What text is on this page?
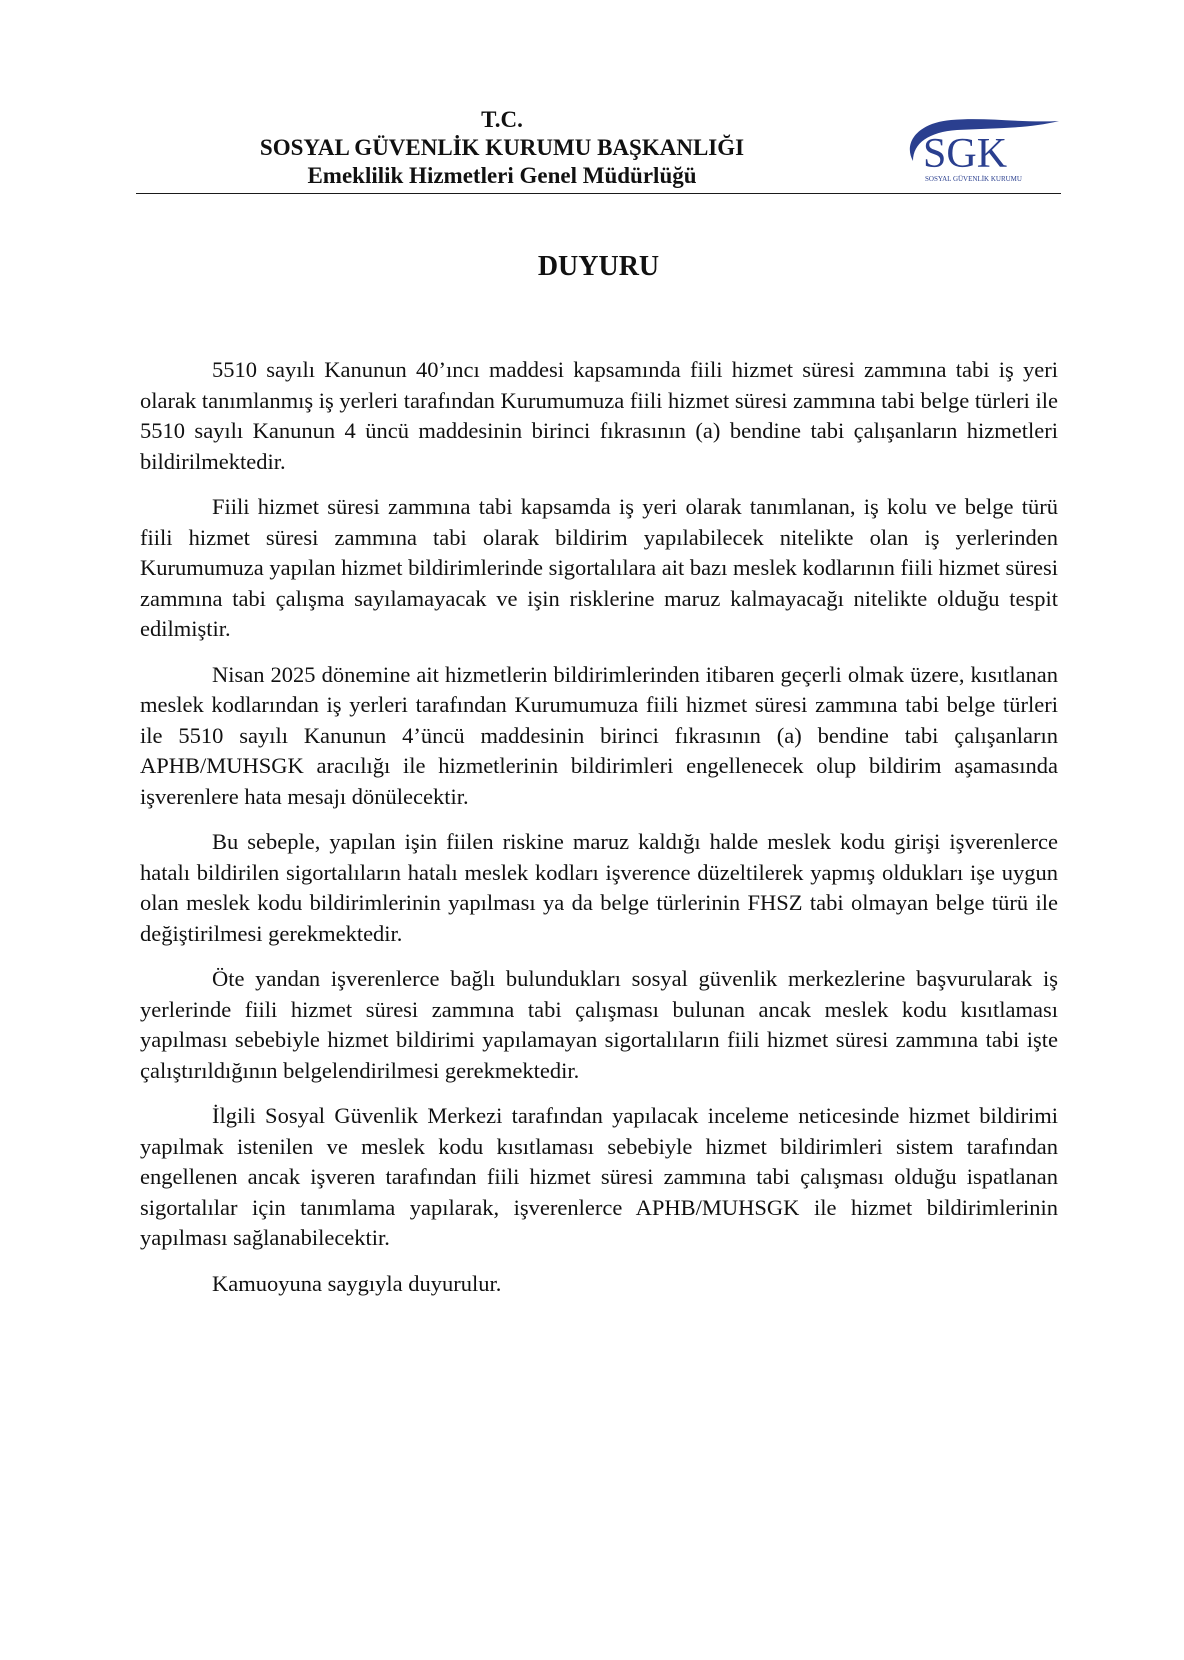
T.C.
SOSYAL GÜVENLİK KURUMU BAŞKANLIĞI
Emeklilik Hizmetleri Genel Müdürlüğü	SGK
SOSYAL GÜVENLİK KURUMU
DUYURU

5510 sayılı Kanunun 40’ıncı maddesi kapsamında fiili hizmet süresi zammına tabi iş yeri olarak tanımlanmış iş yerleri tarafından Kurumumuza fiili hizmet süresi zammına tabi belge türleri ile 5510 sayılı Kanunun 4 üncü maddesinin birinci fıkrasının (a) bendine tabi çalışanların hizmetleri bildirilmektedir.

Fiili hizmet süresi zammına tabi kapsamda iş yeri olarak tanımlanan, iş kolu ve belge türü fiili hizmet süresi zammına tabi olarak bildirim yapılabilecek nitelikte olan iş yerlerinden Kurumumuza yapılan hizmet bildirimlerinde sigortalılara ait bazı meslek kodlarının fiili hizmet süresi zammına tabi çalışma sayılamayacak ve işin risklerine maruz kalmayacağı nitelikte olduğu tespit edilmiştir.

Nisan 2025 dönemine ait hizmetlerin bildirimlerinden itibaren geçerli olmak üzere, kısıtlanan meslek kodlarından iş yerleri tarafından Kurumumuza fiili hizmet süresi zammına tabi belge türleri ile 5510 sayılı Kanunun 4’üncü maddesinin birinci fıkrasının (a) bendine tabi çalışanların APHB/MUHSGK aracılığı ile hizmetlerinin bildirimleri engellenecek olup bildirim aşamasında işverenlere hata mesajı dönülecektir.

Bu sebeple, yapılan işin fiilen riskine maruz kaldığı halde meslek kodu girişi işverenlerce hatalı bildirilen sigortalıların hatalı meslek kodları işverence düzeltilerek yapmış oldukları işe uygun olan meslek kodu bildirimlerinin yapılması ya da belge türlerinin FHSZ tabi olmayan belge türü ile değiştirilmesi gerekmektedir.

Öte yandan işverenlerce bağlı bulundukları sosyal güvenlik merkezlerine başvurularak iş yerlerinde fiili hizmet süresi zammına tabi çalışması bulunan ancak meslek kodu kısıtlaması yapılması sebebiyle hizmet bildirimi yapılamayan sigortalıların fiili hizmet süresi zammına tabi işte çalıştırıldığının belgelendirilmesi gerekmektedir.

İlgili Sosyal Güvenlik Merkezi tarafından yapılacak inceleme neticesinde hizmet bildirimi yapılmak istenilen ve meslek kodu kısıtlaması sebebiyle hizmet bildirimleri sistem tarafından engellenen ancak işveren tarafından fiili hizmet süresi zammına tabi çalışması olduğu ispatlanan sigortalılar için tanımlama yapılarak, işverenlerce APHB/MUHSGK ile hizmet bildirimlerinin yapılması sağlanabilecektir.

Kamuoyuna saygıyla duyurulur.
